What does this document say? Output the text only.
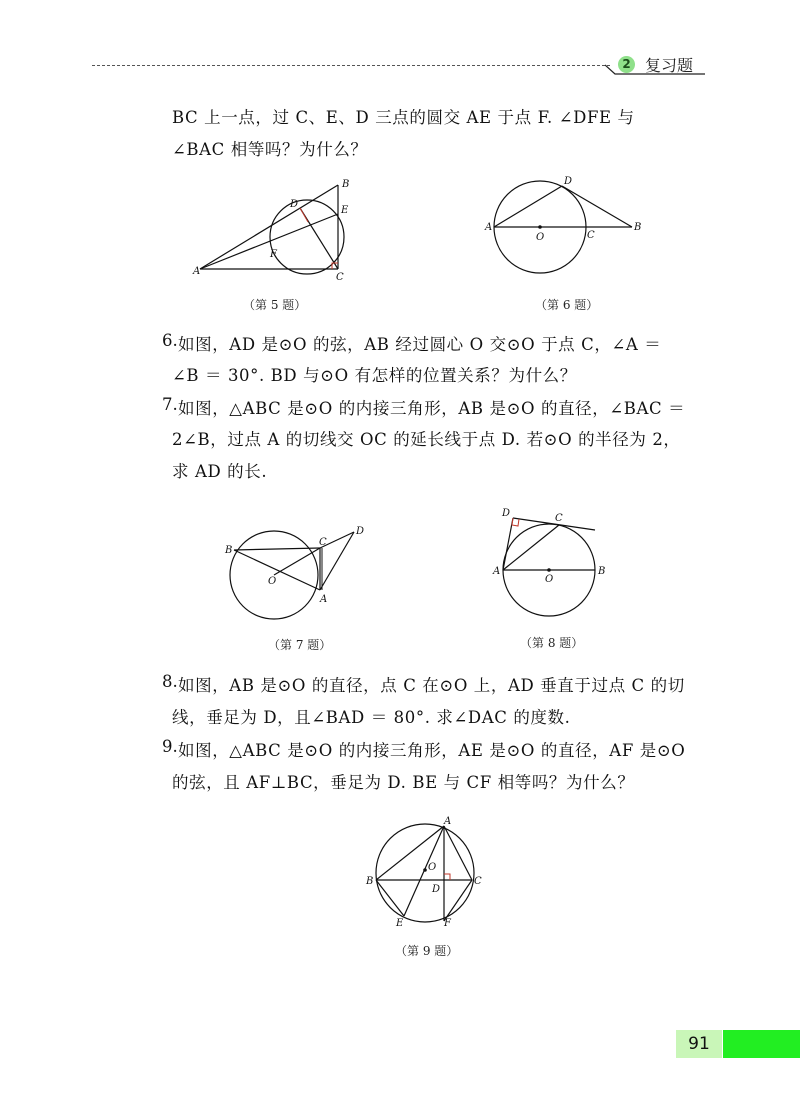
2 复习题
BC 上一点，过 C、E、D 三点的圆交 AE 于点 F. ∠DFE 与
∠BAC 相等吗？为什么？
B
D
E
F
A
C
（第 5 题）
D
A
O	C
B
（第 6 题）
6. 如图，AD 是⊙O 的弦，AB 经过圆心 O 交⊙O 于点 C，∠A ＝
∠B ＝ 30°. BD 与⊙O 有怎样的位置关系？为什么？
7. 如图，△ABC 是⊙O 的内接三角形，AB 是⊙O 的直径，∠BAC ＝
2∠B，过点 A 的切线交 OC 的延长线于点 D. 若⊙O 的半径为 2，
求 AD 的长.
D
B
C
O
A
（第 7 题）
D	C
A
O
B
（第 8 题）
8. 如图，AB 是⊙O 的直径，点 C 在⊙O 上，AD 垂直于过点 C 的切
线，垂足为 D，且∠BAD ＝ 80°. 求∠DAC 的度数.
9. 如图，△ABC 是⊙O 的内接三角形，AE 是⊙O 的直径，AF 是⊙O
的弦，且 AF⊥BC，垂足为 D. BE 与 CF 相等吗？为什么？
A
O
B
D
C
E	F
（第 9 题）
91
